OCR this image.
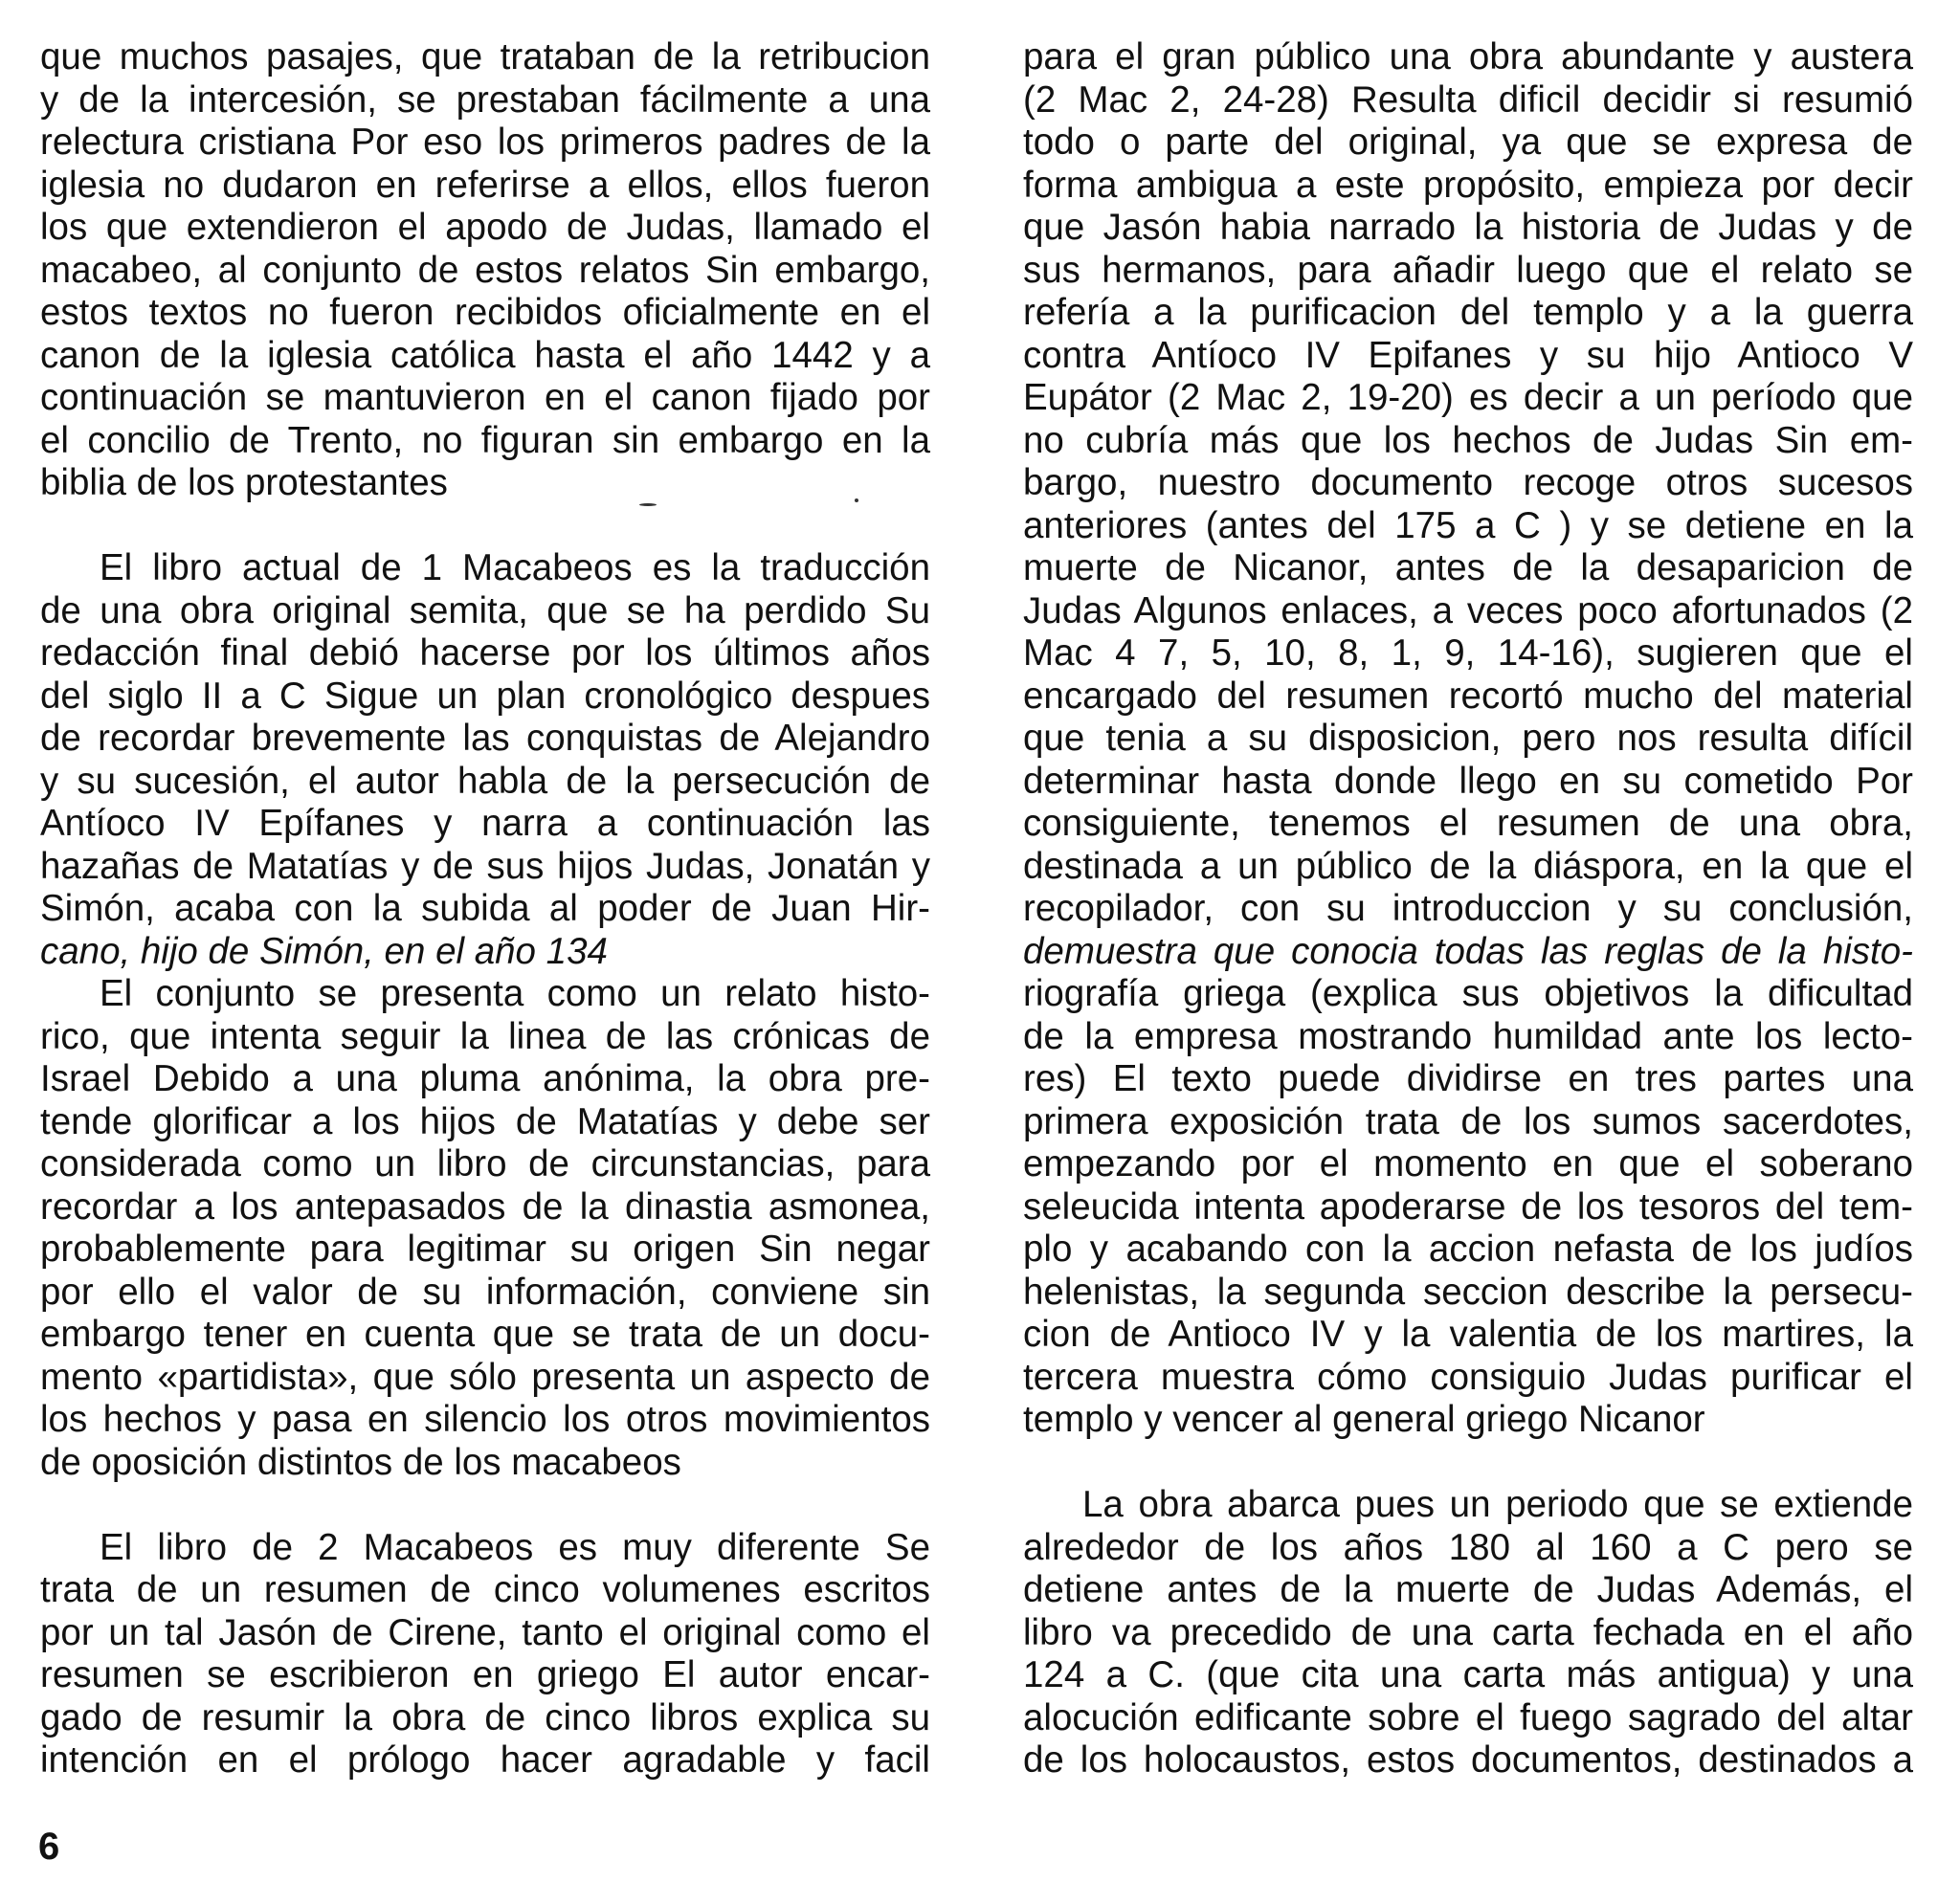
que muchos pasajes, que trataban de la retribucion
y de la intercesión, se prestaban fácilmente a una
relectura cristiana Por eso los primeros padres de la
iglesia no dudaron en referirse a ellos, ellos fueron
los que extendieron el apodo de Judas, llamado el
macabeo, al conjunto de estos relatos Sin embargo,
estos textos no fueron recibidos oficialmente en el
canon de la iglesia católica hasta el año 1442 y a
continuación se mantuvieron en el canon fijado por
el concilio de Trento, no figuran sin embargo en la
biblia de los protestantes
El libro actual de 1 Macabeos es la traducción
de una obra original semita, que se ha perdido Su
redacción final debió hacerse por los últimos años
del siglo II a C Sigue un plan cronológico despues
de recordar brevemente las conquistas de Alejandro
y su sucesión, el autor habla de la persecución de
Antíoco IV Epífanes y narra a continuación las
hazañas de Matatías y de sus hijos Judas, Jonatán y
Simón, acaba con la subida al poder de Juan Hir-
cano, hijo de Simón, en el año 134
El conjunto se presenta como un relato histo-
rico, que intenta seguir la linea de las crónicas de
Israel Debido a una pluma anónima, la obra pre-
tende glorificar a los hijos de Matatías y debe ser
considerada como un libro de circunstancias, para
recordar a los antepasados de la dinastia asmonea,
probablemente para legitimar su origen Sin negar
por ello el valor de su información, conviene sin
embargo tener en cuenta que se trata de un docu-
mento «partidista», que sólo presenta un aspecto de
los hechos y pasa en silencio los otros movimientos
de oposición distintos de los macabeos
El libro de 2 Macabeos es muy diferente Se
trata de un resumen de cinco volumenes escritos
por un tal Jasón de Cirene, tanto el original como el
resumen se escribieron en griego El autor encar-
gado de resumir la obra de cinco libros explica su
intención en el prólogo hacer agradable y facil
para el gran público una obra abundante y austera
(2 Mac 2, 24-28) Resulta dificil decidir si resumió
todo o parte del original, ya que se expresa de
forma ambigua a este propósito, empieza por decir
que Jasón habia narrado la historia de Judas y de
sus hermanos, para añadir luego que el relato se
refería a la purificacion del templo y a la guerra
contra Antíoco IV Epifanes y su hijo Antioco V
Eupátor (2 Mac 2, 19-20) es decir a un período que
no cubría más que los hechos de Judas Sin em-
bargo, nuestro documento recoge otros sucesos
anteriores (antes del 175 a C ) y se detiene en la
muerte de Nicanor, antes de la desaparicion de
Judas Algunos enlaces, a veces poco afortunados (2
Mac 4 7, 5, 10, 8, 1, 9, 14-16), sugieren que el
encargado del resumen recortó mucho del material
que tenia a su disposicion, pero nos resulta difícil
determinar hasta donde llego en su cometido Por
consiguiente, tenemos el resumen de una obra,
destinada a un público de la diáspora, en la que el
recopilador, con su introduccion y su conclusión,
demuestra que conocia todas las reglas de la histo-
riografía griega (explica sus objetivos la dificultad
de la empresa mostrando humildad ante los lecto-
res) El texto puede dividirse en tres partes una
primera exposición trata de los sumos sacerdotes,
empezando por el momento en que el soberano
seleucida intenta apoderarse de los tesoros del tem-
plo y acabando con la accion nefasta de los judíos
helenistas, la segunda seccion describe la persecu-
cion de Antioco IV y la valentia de los martires, la
tercera muestra cómo consiguio Judas purificar el
templo y vencer al general griego Nicanor
La obra abarca pues un periodo que se extiende
alrededor de los años 180 al 160 a C pero se
detiene antes de la muerte de Judas Además, el
libro va precedido de una carta fechada en el año
124 a C. (que cita una carta más antigua) y una
alocución edificante sobre el fuego sagrado del altar
de los holocaustos, estos documentos, destinados a
6
